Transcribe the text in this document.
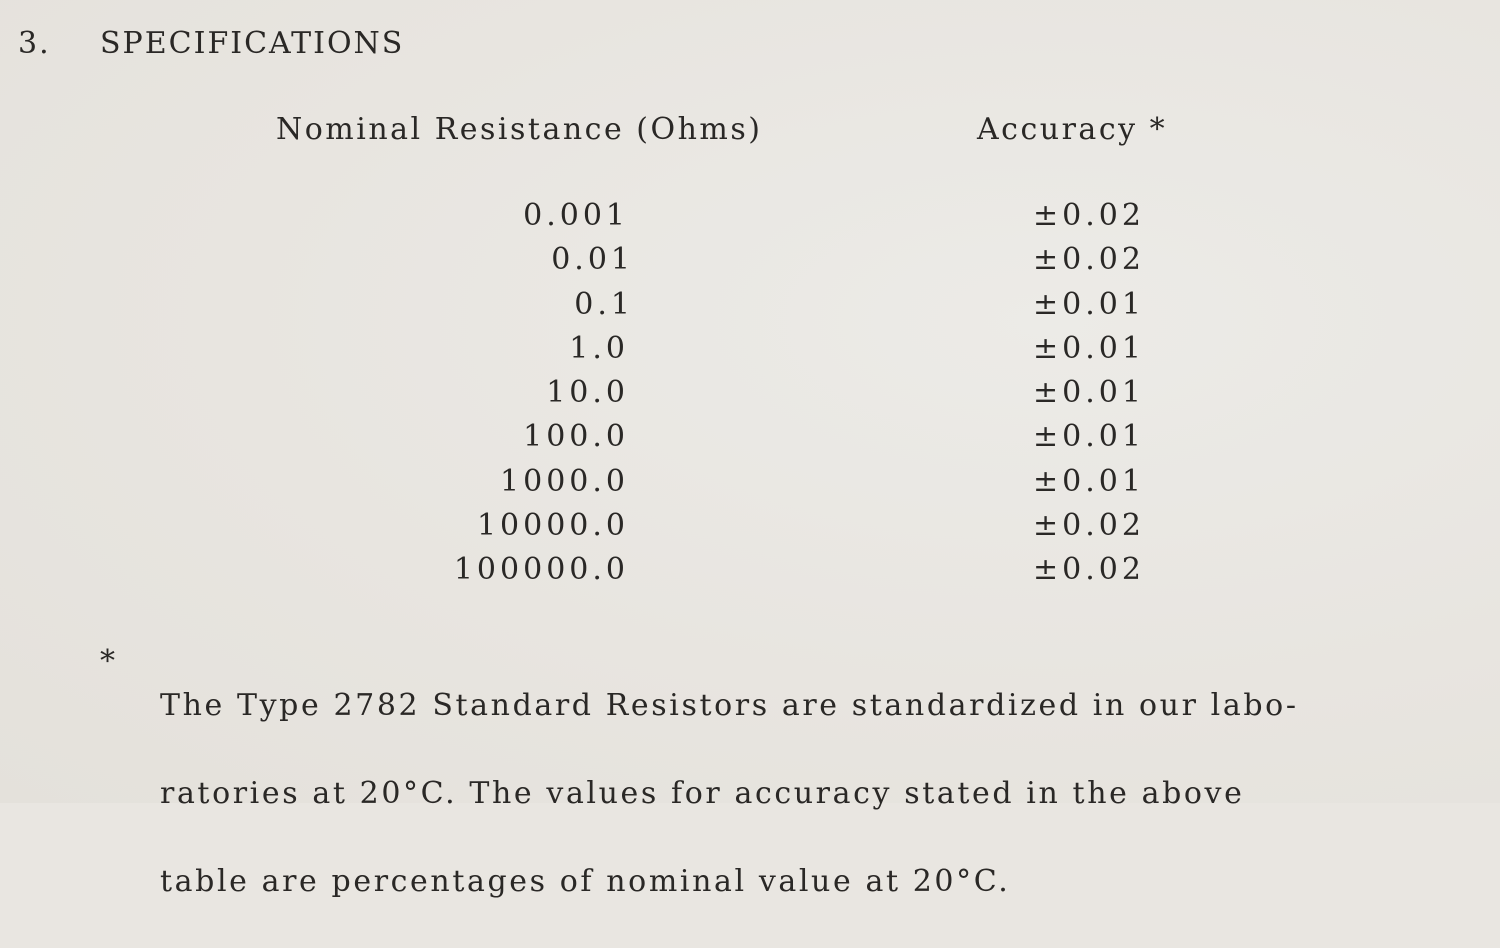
3. SPECIFICATIONS
Nominal Resistance (Ohms)	Accuracy *
0.001	±0.02
0.01	±0.02
0.1	±0.01
1.0	±0.01
10.0	±0.01
100.0	±0.01
1000.0	±0.01
10000.0	±0.02
100000.0	±0.02
*

The Type 2782 Standard Resistors are standardized in our labo-

ratories at 20°C. The values for accuracy stated in the above

table are percentages of nominal value at 20°C.
